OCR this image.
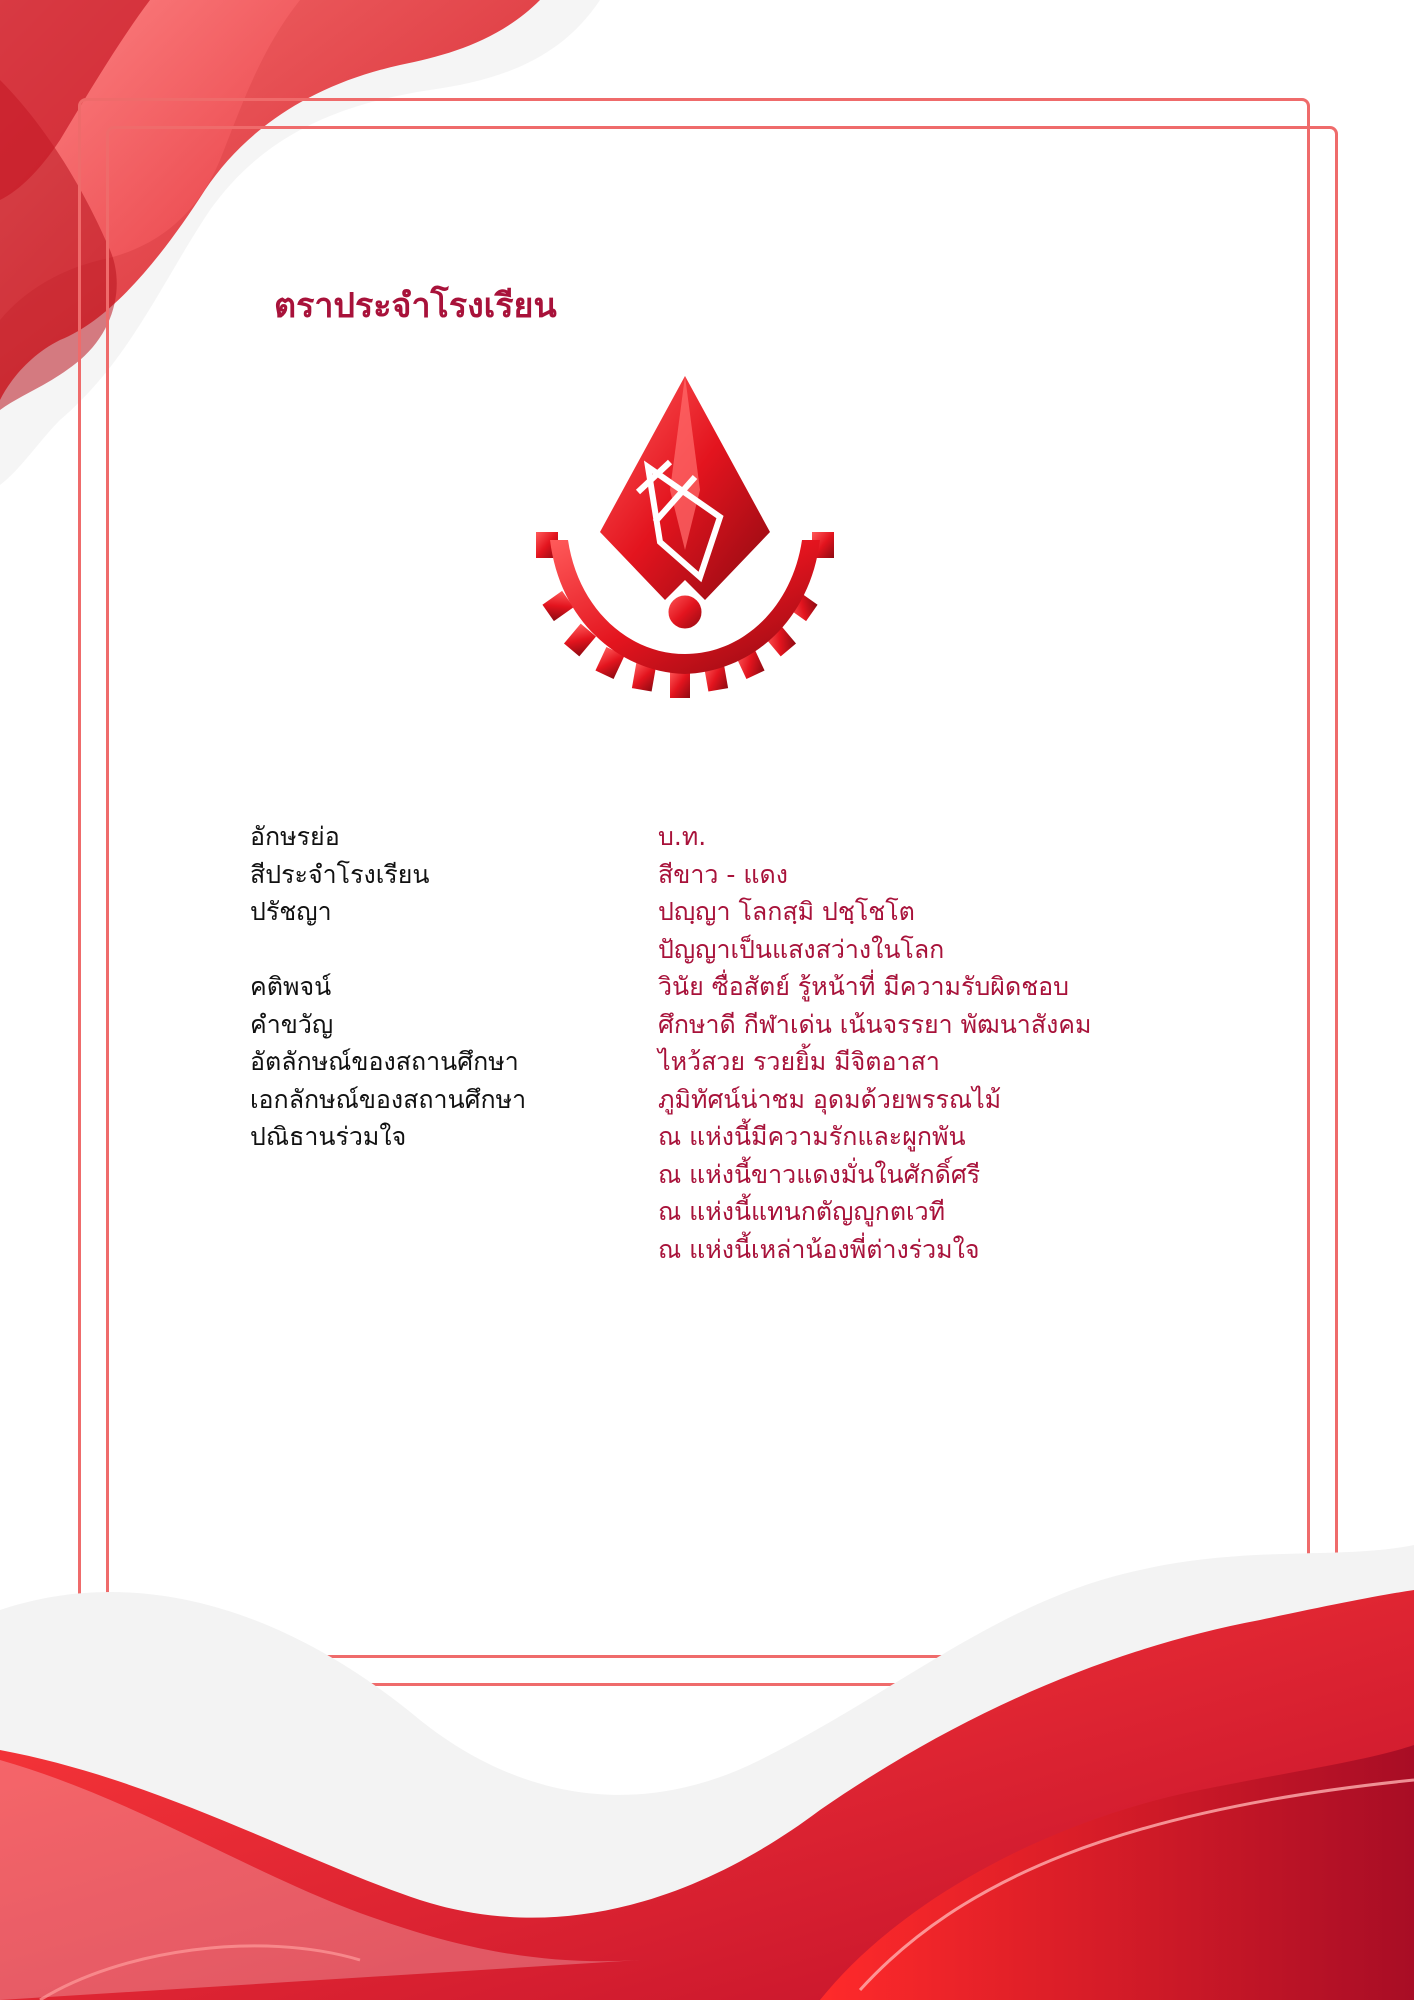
ตราประจำโรงเรียน
อักษรย่อ	บ.ท.
สีประจำโรงเรียน	สีขาว - แดง
ปรัชญา	ปญฺญา โลกสฺมิ ปชฺโชโต
ปัญญาเป็นแสงสว่างในโลก
คติพจน์	วินัย ซื่อสัตย์ รู้หน้าที่ มีความรับผิดชอบ
คำขวัญ	ศึกษาดี กีฬาเด่น เน้นจรรยา พัฒนาสังคม
อัตลักษณ์ของสถานศึกษา	ไหว้สวย รวยยิ้ม มีจิตอาสา
เอกลักษณ์ของสถานศึกษา	ภูมิทัศน์น่าชม อุดมด้วยพรรณไม้
ปณิธานร่วมใจ	ณ แห่งนี้มีความรักและผูกพัน
ณ แห่งนี้ขาวแดงมั่นในศักดิ์ศรี
ณ แห่งนี้แทนกตัญญูกตเวที
ณ แห่งนี้เหล่าน้องพี่ต่างร่วมใจ
